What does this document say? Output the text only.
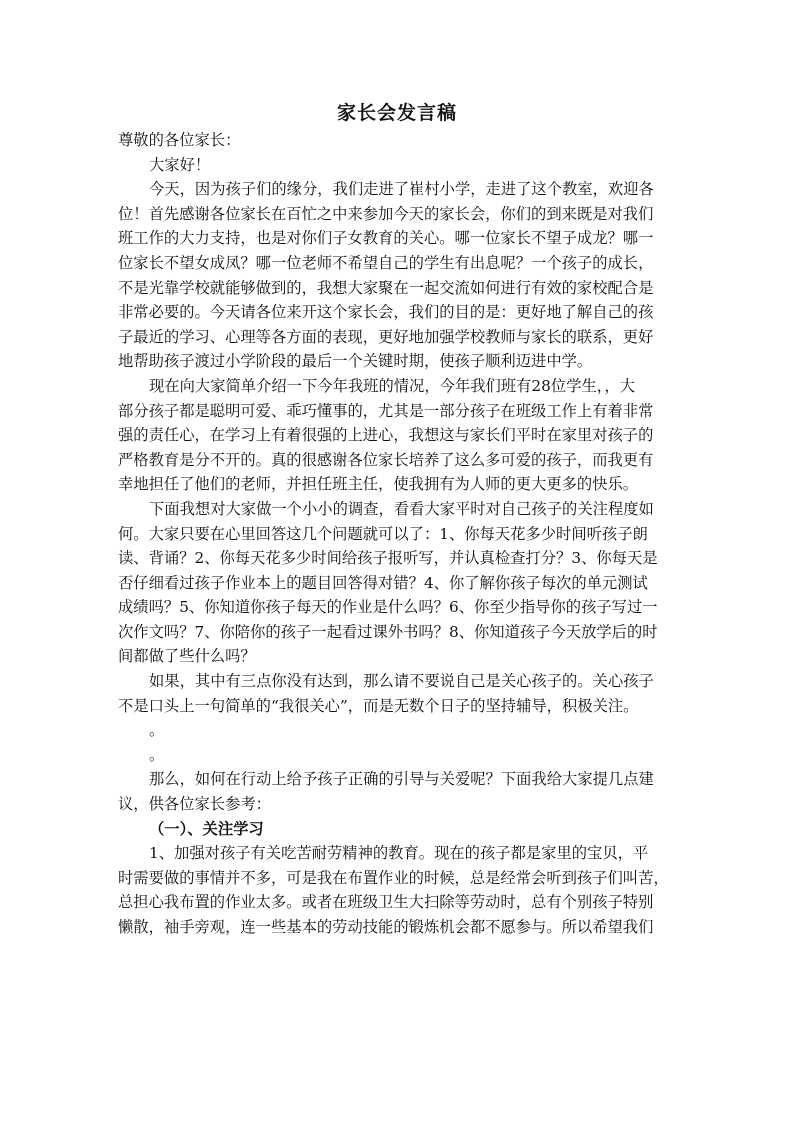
家长会发言稿
尊敬的各位家长：
大家好！
今天，因为孩子们的缘分，我们走进了崔村小学，走进了这个教室，欢迎各
位！首先感谢各位家长在百忙之中来参加今天的家长会，你们的到来既是对我们
班工作的大力支持，也是对你们子女教育的关心。哪一位家长不望子成龙？哪一
位家长不望女成凤？哪一位老师不希望自己的学生有出息呢？一个孩子的成长，
不是光靠学校就能够做到的，我想大家聚在一起交流如何进行有效的家校配合是
非常必要的。今天请各位来开这个家长会，我们的目的是：更好地了解自己的孩
子最近的学习、心理等各方面的表现，更好地加强学校教师与家长的联系，更好
地帮助孩子渡过小学阶段的最后一个关键时期，使孩子顺利迈进中学。
现在向大家简单介绍一下今年我班的情况，今年我们班有28位学生，，大
部分孩子都是聪明可爱、乖巧懂事的，尤其是一部分孩子在班级工作上有着非常
强的责任心，在学习上有着很强的上进心，我想这与家长们平时在家里对孩子的
严格教育是分不开的。真的很感谢各位家长培养了这么多可爱的孩子，而我更有
幸地担任了他们的老师，并担任班主任，使我拥有为人师的更大更多的快乐。
下面我想对大家做一个小小的调查，看看大家平时对自己孩子的关注程度如
何。大家只要在心里回答这几个问题就可以了：1、你每天花多少时间听孩子朗
读、背诵？2、你每天花多少时间给孩子报听写，并认真检查打分？3、你每天是
否仔细看过孩子作业本上的题目回答得对错？4、你了解你孩子每次的单元测试
成绩吗？5、你知道你孩子每天的作业是什么吗？6、你至少指导你的孩子写过一
次作文吗？7、你陪你的孩子一起看过课外书吗？8、你知道孩子今天放学后的时
间都做了些什么吗？
如果，其中有三点你没有达到，那么请不要说自己是关心孩子的。关心孩子
不是口头上一句简单的“我很关心”，而是无数个日子的坚持辅导，积极关注。
。
。
那么，如何在行动上给予孩子正确的引导与关爱呢？下面我给大家提几点建
议，供各位家长参考：
（一）、关注学习
1、加强对孩子有关吃苦耐劳精神的教育。现在的孩子都是家里的宝贝，平
时需要做的事情并不多，可是我在布置作业的时候，总是经常会听到孩子们叫苦，
总担心我布置的作业太多。或者在班级卫生大扫除等劳动时，总有个别孩子特别
懒散，袖手旁观，连一些基本的劳动技能的锻炼机会都不愿参与。所以希望我们
